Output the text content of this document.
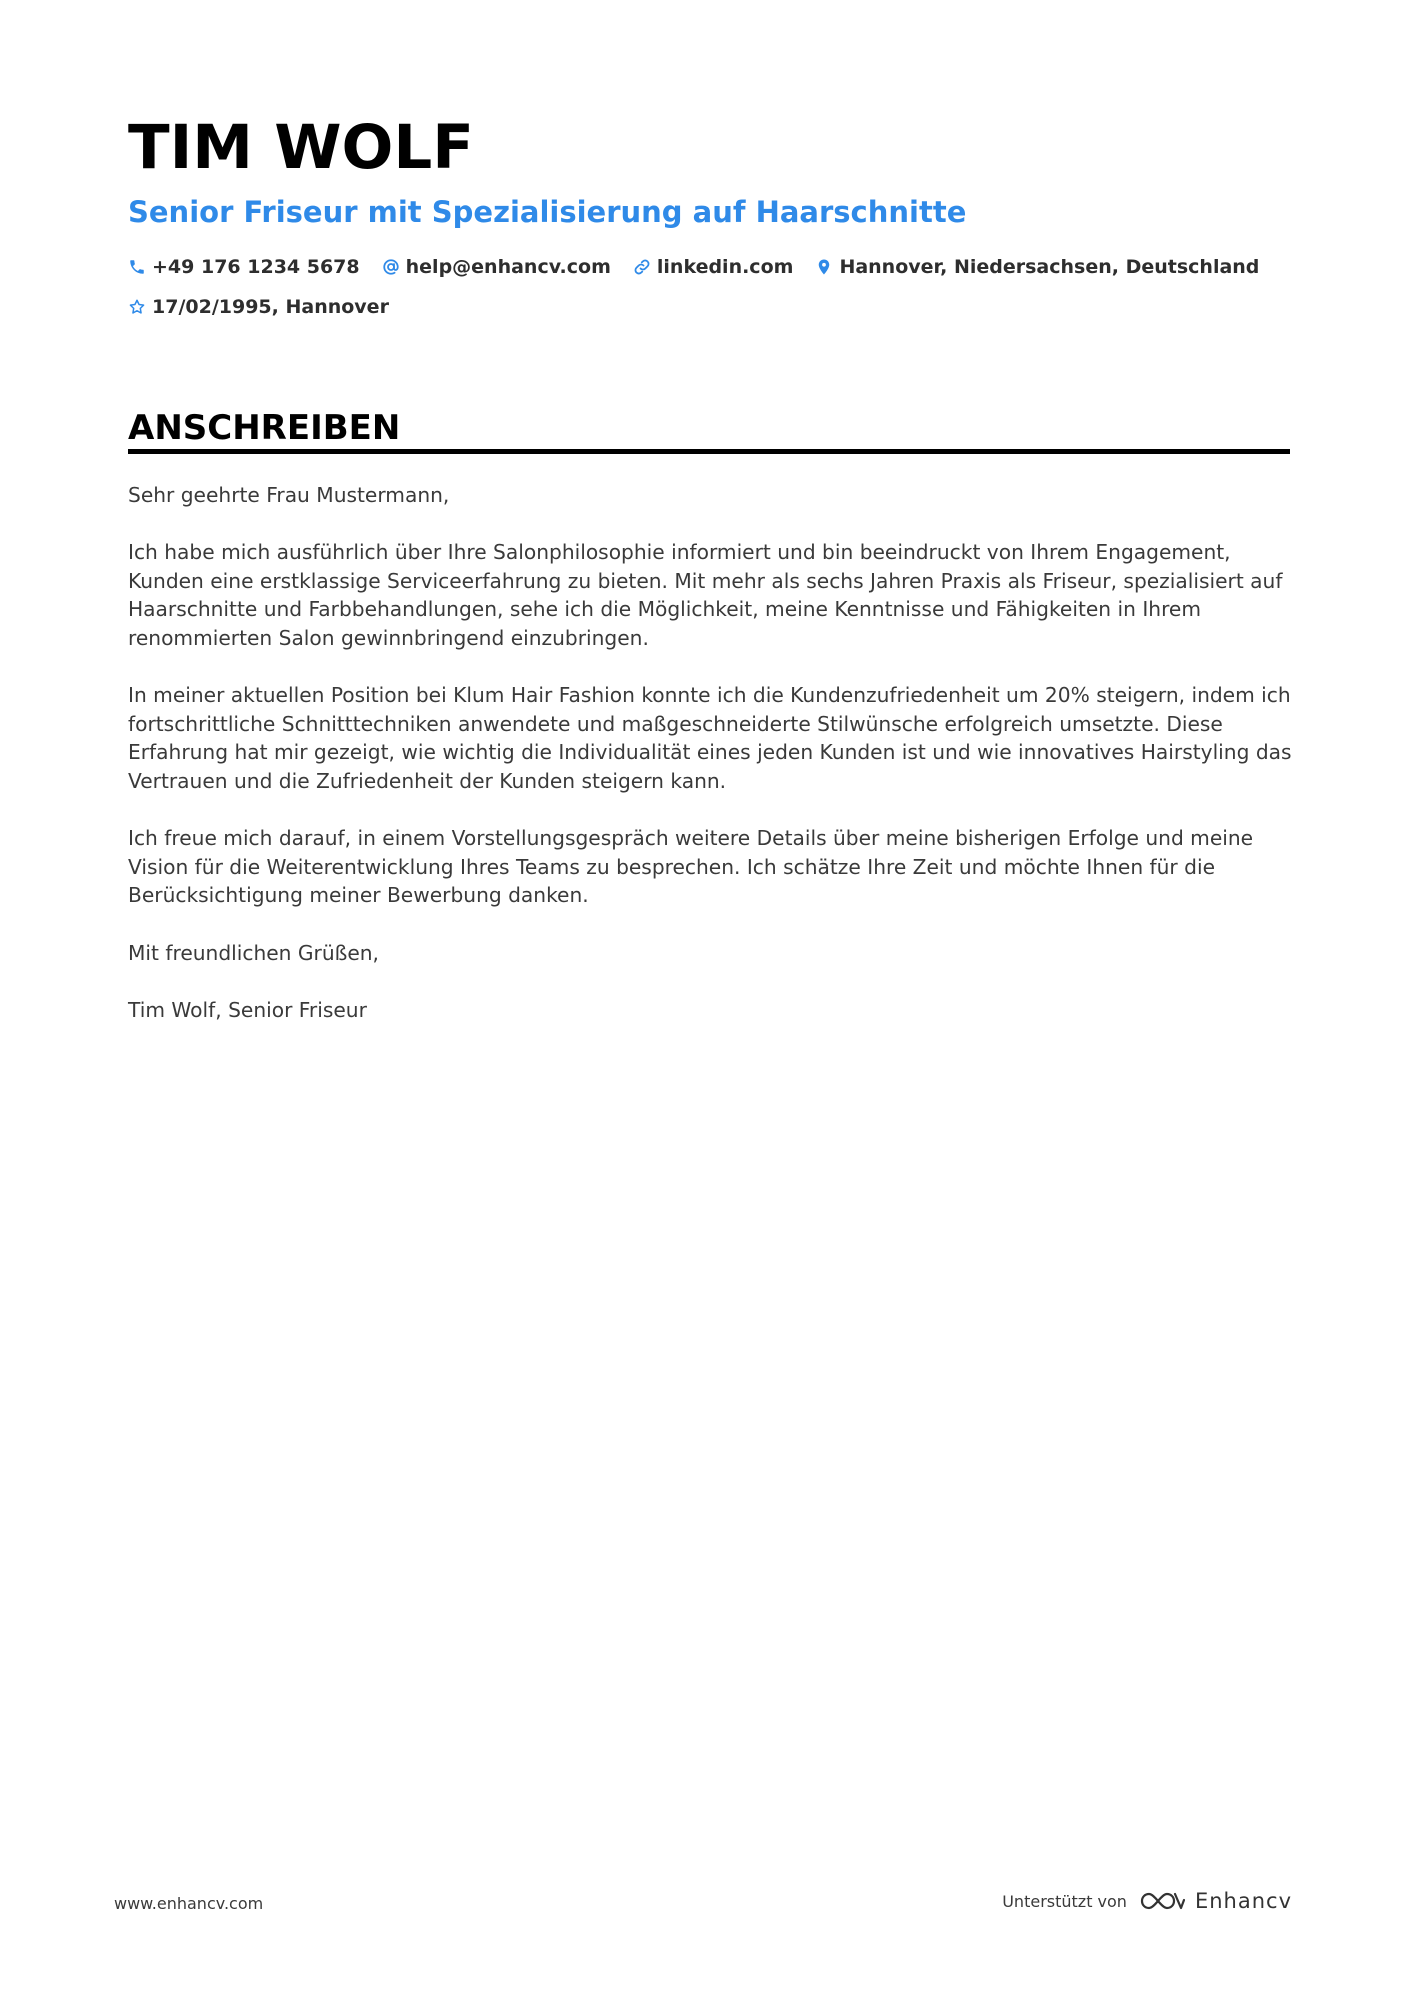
TIM WOLF
Senior Friseur mit Spezialisierung auf Haarschnitte
+49 176 1234 5678 help@enhancv.com linkedin.com Hannover, Niedersachsen, Deutschland
17/02/1995, Hannover
ANSCHREIBEN

Sehr geehrte Frau Mustermann,

Ich habe mich ausführlich über Ihre Salonphilosophie informiert und bin beeindruckt von Ihrem Engagement, Kunden eine erstklassige Serviceerfahrung zu bieten. Mit mehr als sechs Jahren Praxis als Friseur, spezialisiert auf Haarschnitte und Farbbehandlungen, sehe ich die Möglichkeit, meine Kenntnisse und Fähigkeiten in Ihrem renommierten Salon gewinnbringend einzubringen.

In meiner aktuellen Position bei Klum Hair Fashion konnte ich die Kundenzufriedenheit um 20% steigern, indem ich fortschrittliche Schnitttechniken anwendete und maßgeschneiderte Stilwünsche erfolgreich umsetzte. Diese Erfahrung hat mir gezeigt, wie wichtig die Individualität eines jeden Kunden ist und wie innovatives Hairstyling das Vertrauen und die Zufriedenheit der Kunden steigern kann.

Ich freue mich darauf, in einem Vorstellungsgespräch weitere Details über meine bisherigen Erfolge und meine Vision für die Weiterentwicklung Ihres Teams zu besprechen. Ich schätze Ihre Zeit und möchte Ihnen für die Berücksichtigung meiner Bewerbung danken.

Mit freundlichen Grüßen,

Tim Wolf, Senior Friseur

www.enhancv.com	Unterstützt von	Enhancv
